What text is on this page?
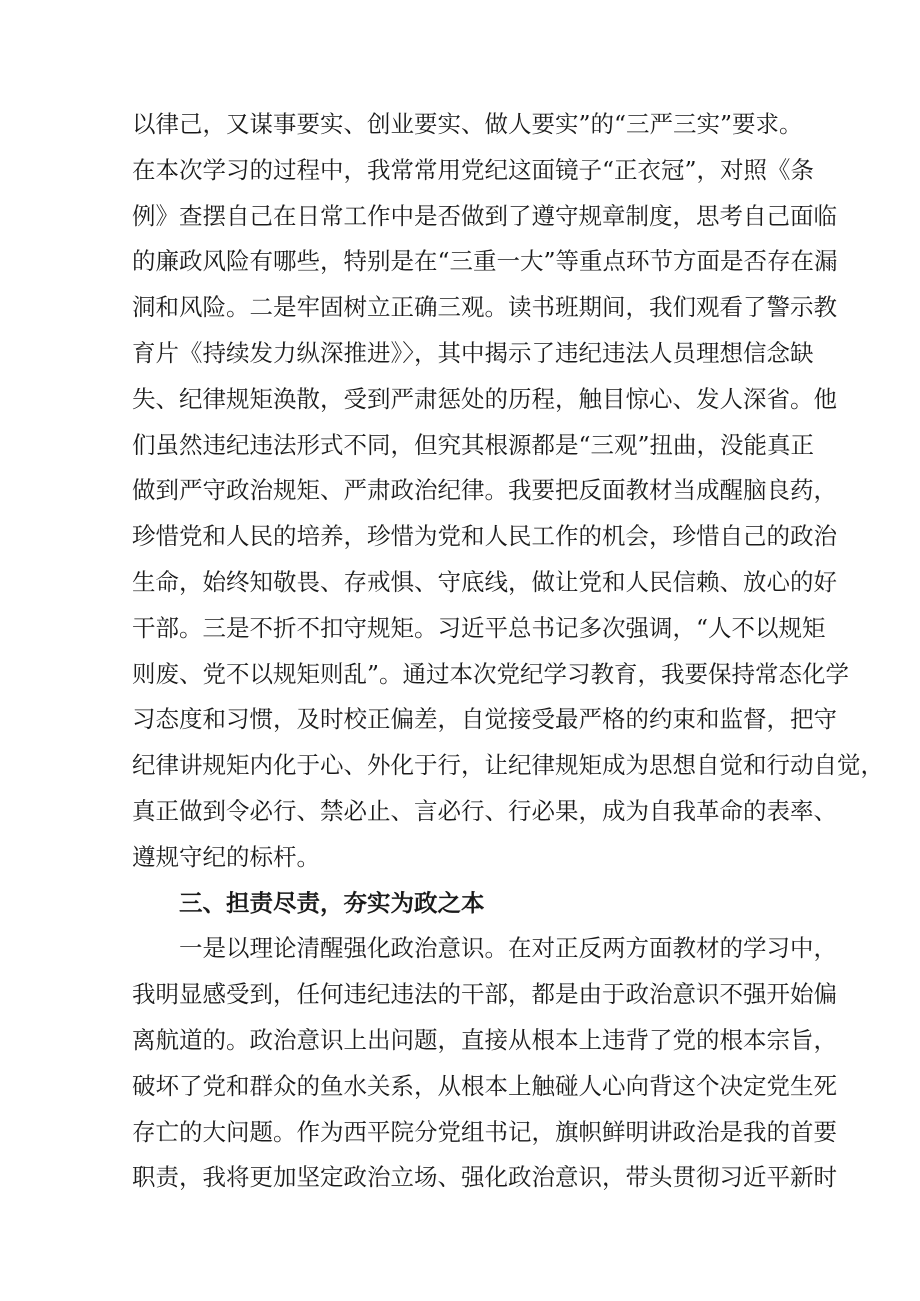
以律己，又谋事要实、创业要实、做人要实”的“三严三实”要求。
在本次学习的过程中，我常常用党纪这面镜子“正衣冠”，对照《条
例》查摆自己在日常工作中是否做到了遵守规章制度，思考自己面临
的廉政风险有哪些，特别是在“三重一大”等重点环节方面是否存在漏
洞和风险。二是牢固树立正确三观。读书班期间，我们观看了警示教
育片《持续发力纵深推进》〉，其中揭示了违纪违法人员理想信念缺
失、纪律规矩涣散，受到严肃惩处的历程，触目惊心、发人深省。他
们虽然违纪违法形式不同，但究其根源都是“三观”扭曲，没能真正
做到严守政治规矩、严肃政治纪律。我要把反面教材当成醒脑良药，
珍惜党和人民的培养，珍惜为党和人民工作的机会，珍惜自己的政治
生命，始终知敬畏、存戒惧、守底线，做让党和人民信赖、放心的好
干部。三是不折不扣守规矩。习近平总书记多次强调，“人不以规矩
则废、党不以规矩则乱”。通过本次党纪学习教育，我要保持常态化学
习态度和习惯，及时校正偏差，自觉接受最严格的约束和监督，把守
纪律讲规矩内化于心、外化于行，让纪律规矩成为思想自觉和行动自觉，
真正做到令必行、禁必止、言必行、行必果，成为自我革命的表率、
遵规守纪的标杆。
三、担责尽责，夯实为政之本
一是以理论清醒强化政治意识。在对正反两方面教材的学习中，
我明显感受到，任何违纪违法的干部，都是由于政治意识不强开始偏
离航道的。政治意识上出问题，直接从根本上违背了党的根本宗旨，
破坏了党和群众的鱼水关系，从根本上触碰人心向背这个决定党生死
存亡的大问题。作为西平院分党组书记，旗帜鲜明讲政治是我的首要
职责，我将更加坚定政治立场、强化政治意识，带头贯彻习近平新时
